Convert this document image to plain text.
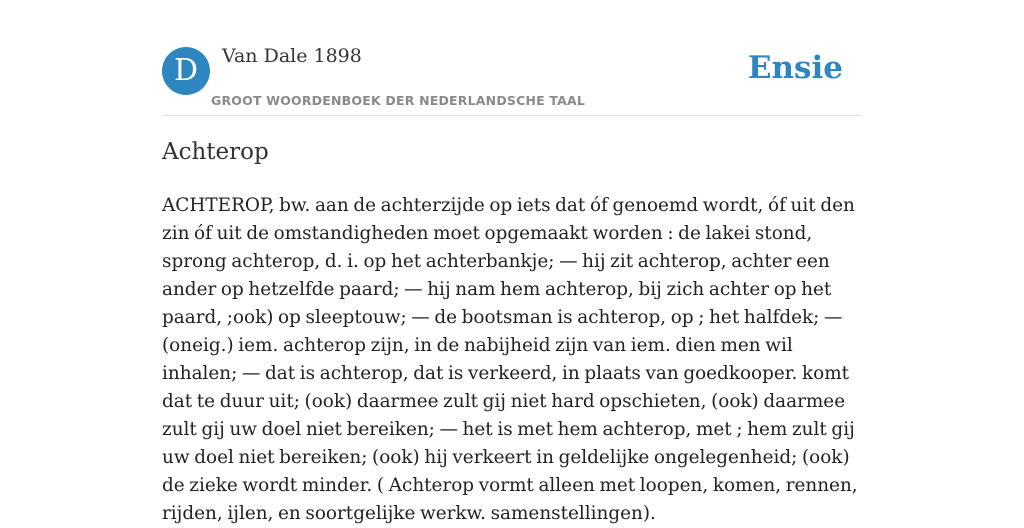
D	Van Dale 1898
GROOT WOORDENBOEK DER NEDERLANDSCHE TAAL
Ensie
Achterop

ACHTEROP, bw. aan de achterzijde op iets dat óf genoemd wordt, óf uit den zin óf uit de omstandigheden moet opgemaakt worden : de lakei stond, sprong achterop, d. i. op het achterbankje; — hij zit achterop, achter een ander op hetzelfde paard; — hij nam hem achterop, bij zich achter op het paard, ;ook) op sleeptouw; — de bootsman is achterop, op ; het halfdek; — (oneig.) iem. achterop zijn, in de nabijheid zijn van iem. dien men wil inhalen; — dat is achterop, dat is verkeerd, in plaats van goedkooper. komt dat te duur uit; (ook) daarmee zult gij niet hard opschieten, (ook) daarmee zult gij uw doel niet bereiken; — het is met hem achterop, met ; hem zult gij uw doel niet bereiken; (ook) hij verkeert in geldelijke ongelegenheid; (ook) de zieke wordt minder. ( Achterop vormt alleen met loopen, komen, rennen, rijden, ijlen, en soortgelijke werkw. samenstellingen).
